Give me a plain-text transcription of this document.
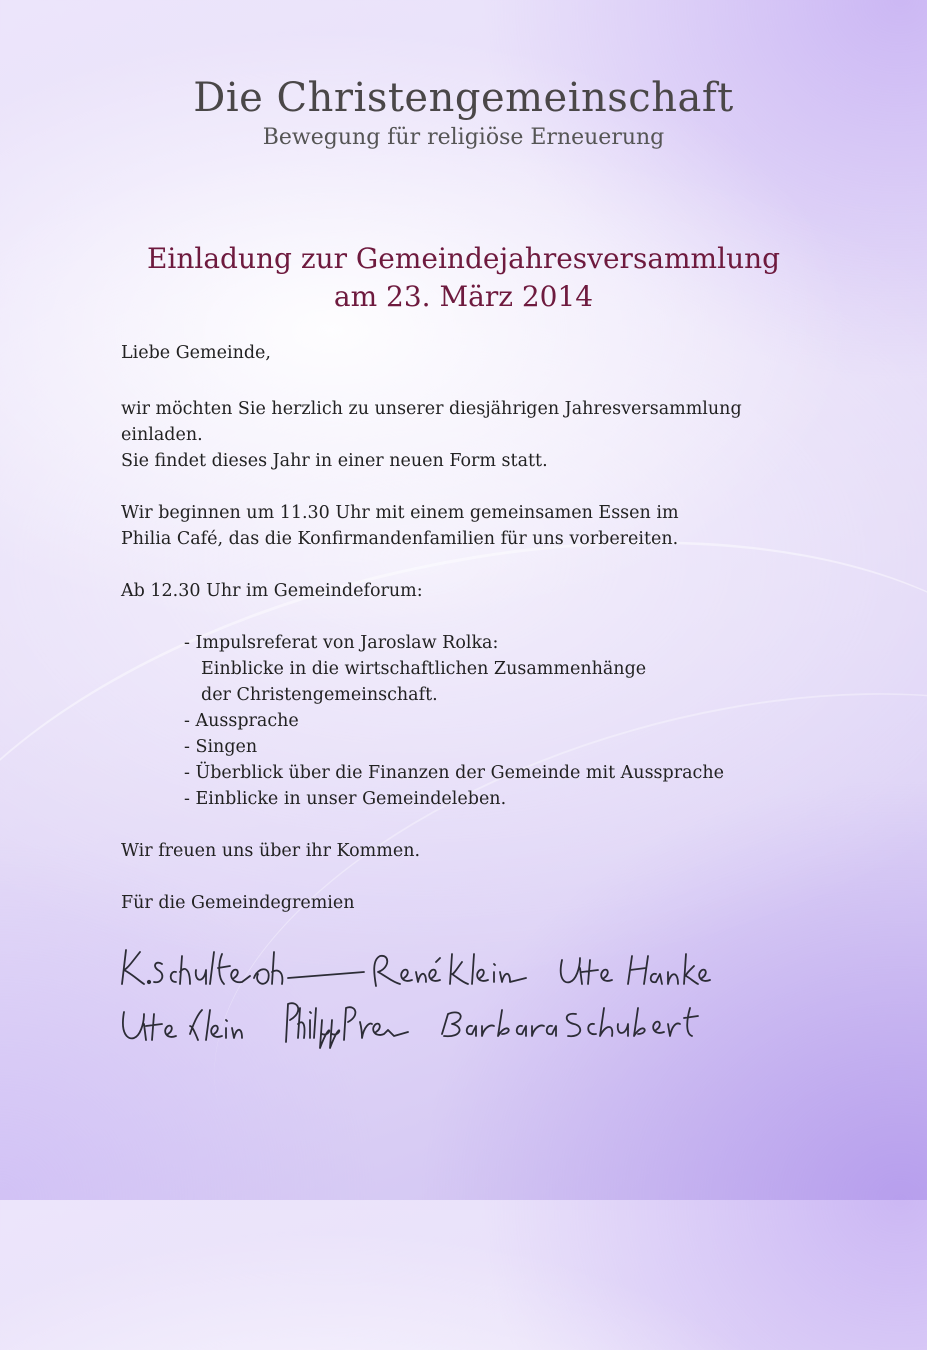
Die Christengemeinschaft
Bewegung für religiöse Erneuerung
Einladung zur Gemeindejahresversammlung
am 23. März 2014

Liebe Gemeinde,

wir möchten Sie herzlich zu unserer diesjährigen Jahresversammlung

einladen.

Sie findet dieses Jahr in einer neuen Form statt.

Wir beginnen um 11.30 Uhr mit einem gemeinsamen Essen im

Philia Café, das die Konfirmandenfamilien für uns vorbereiten.

Ab 12.30 Uhr im Gemeindeforum:

- Impulsreferat von Jaroslaw Rolka:
Einblicke in die wirtschaftlichen Zusammenhänge
der Christengemeinschaft.
- Aussprache
- Singen
- Überblick über die Finanzen der Gemeinde mit Aussprache
- Einblicke in unser Gemeindeleben.

Wir freuen uns über ihr Kommen.

Für die Gemeindegremien
